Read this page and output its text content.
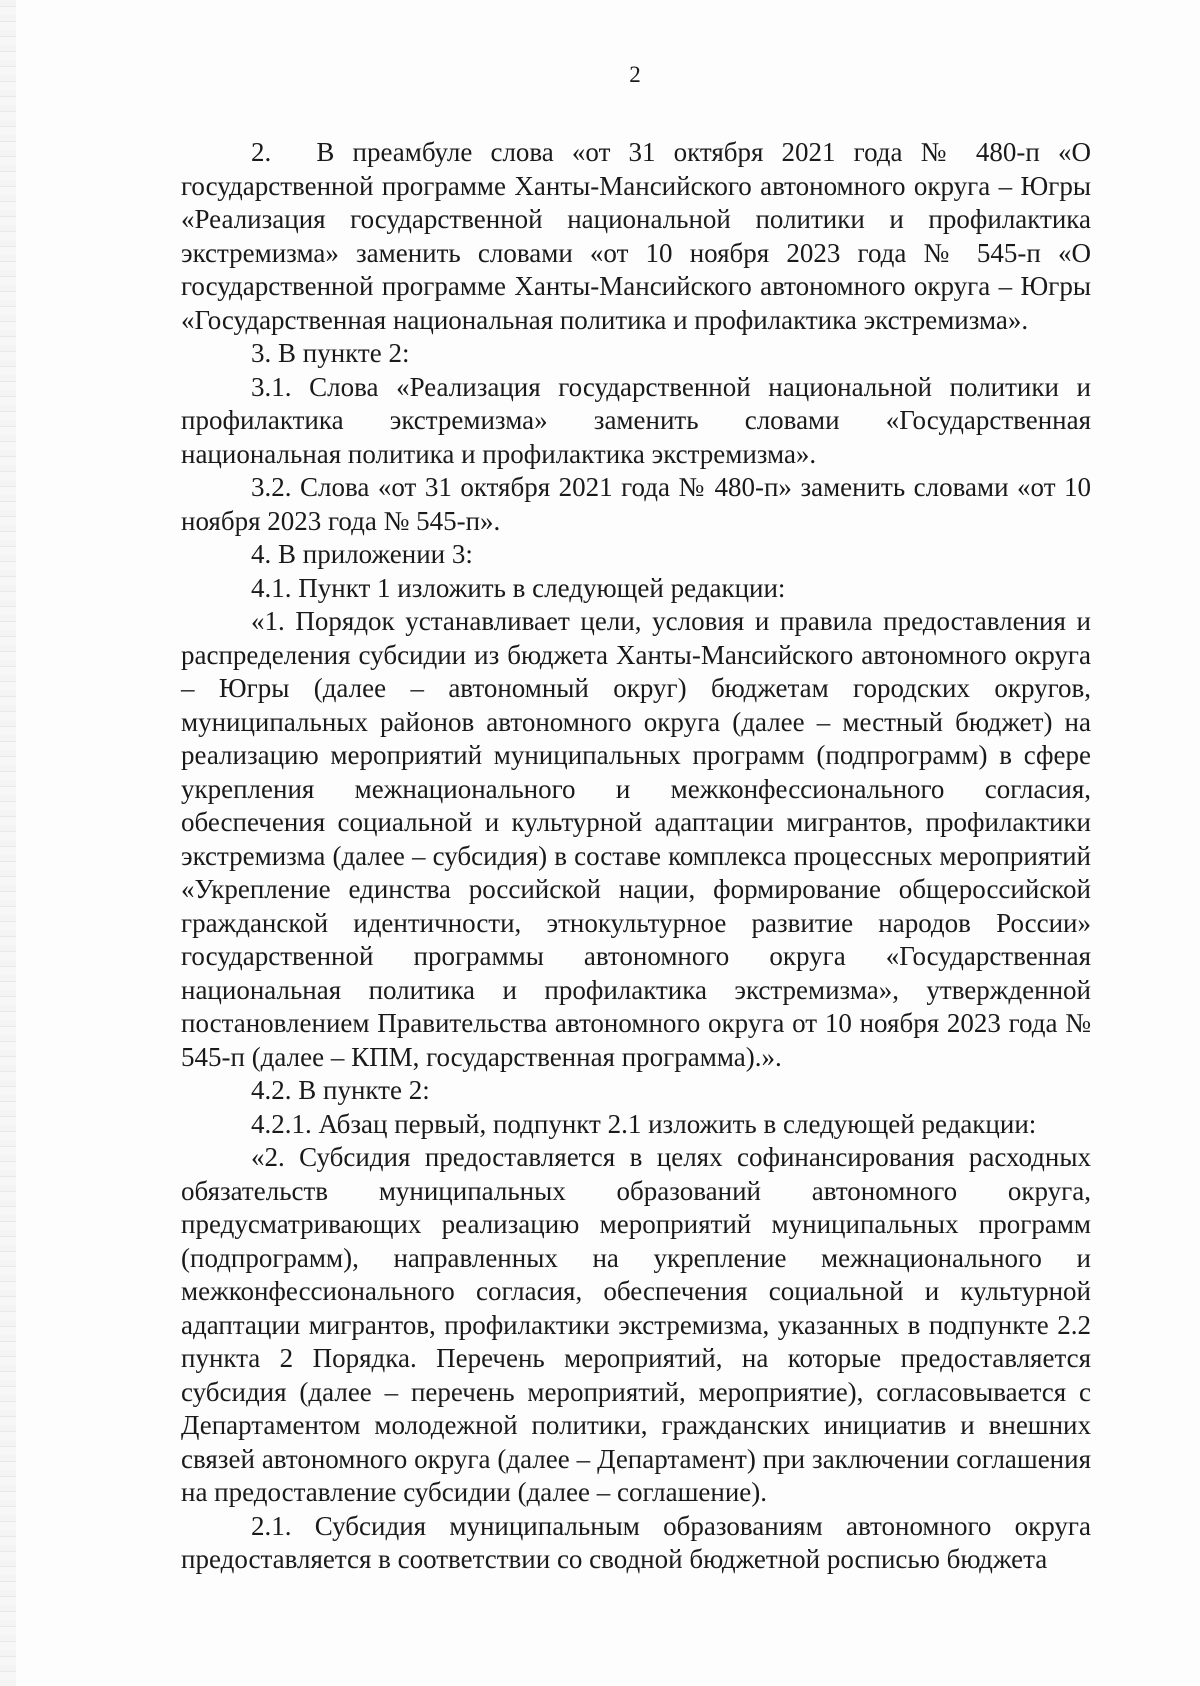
2

2.  В преамбуле слова «от 31 октября 2021 года № 480-п «О государственной программе Ханты-Мансийского автономного округа – Югры «Реализация государственной национальной политики и профилактика экстремизма» заменить словами «от 10 ноября 2023 года № 545-п «О государственной программе Ханты-Мансийского автономного округа – Югры «Государственная национальная политика и профилактика экстремизма».

3. В пункте 2:

3.1. Слова «Реализация государственной национальной политики и профилактика экстремизма» заменить словами «Государственная национальная политика и профилактика экстремизма».

3.2. Слова «от 31 октября 2021 года № 480-п» заменить словами «от 10 ноября 2023 года № 545-п».

4. В приложении 3:

4.1. Пункт 1 изложить в следующей редакции:

«1. Порядок устанавливает цели, условия и правила предоставления и распределения субсидии из бюджета Ханты-Мансийского автономного округа – Югры (далее – автономный округ) бюджетам городских округов, муниципальных районов автономного округа (далее – местный бюджет) на реализацию мероприятий муниципальных программ (подпрограмм) в сфере укрепления межнационального и межконфессионального согласия, обеспечения социальной и культурной адаптации мигрантов, профилактики экстремизма (далее – субсидия) в составе комплекса процессных мероприятий «Укрепление единства российской нации, формирование общероссийской гражданской идентичности, этнокультурное развитие народов России» государственной программы автономного округа «Государственная национальная политика и профилактика экстремизма», утвержденной постановлением Правительства автономного округа от 10 ноября 2023 года № 545-п (далее – КПМ, государственная программа).».

4.2. В пункте 2:

4.2.1. Абзац первый, подпункт 2.1 изложить в следующей редакции:

«2. Субсидия предоставляется в целях софинансирования расходных обязательств муниципальных образований автономного округа, предусматривающих реализацию мероприятий муниципальных программ (подпрограмм), направленных на укрепление межнационального и межконфессионального согласия, обеспечения социальной и культурной адаптации мигрантов, профилактики экстремизма, указанных в подпункте 2.2 пункта 2 Порядка. Перечень мероприятий, на которые предоставляется субсидия (далее – перечень мероприятий, мероприятие), согласовывается с Департаментом молодежной политики, гражданских инициатив и внешних связей автономного округа (далее – Департамент) при заключении соглашения на предоставление субсидии (далее – соглашение).

2.1. Субсидия муниципальным образованиям автономного округа предоставляется в соответствии со сводной бюджетной росписью бюджета
